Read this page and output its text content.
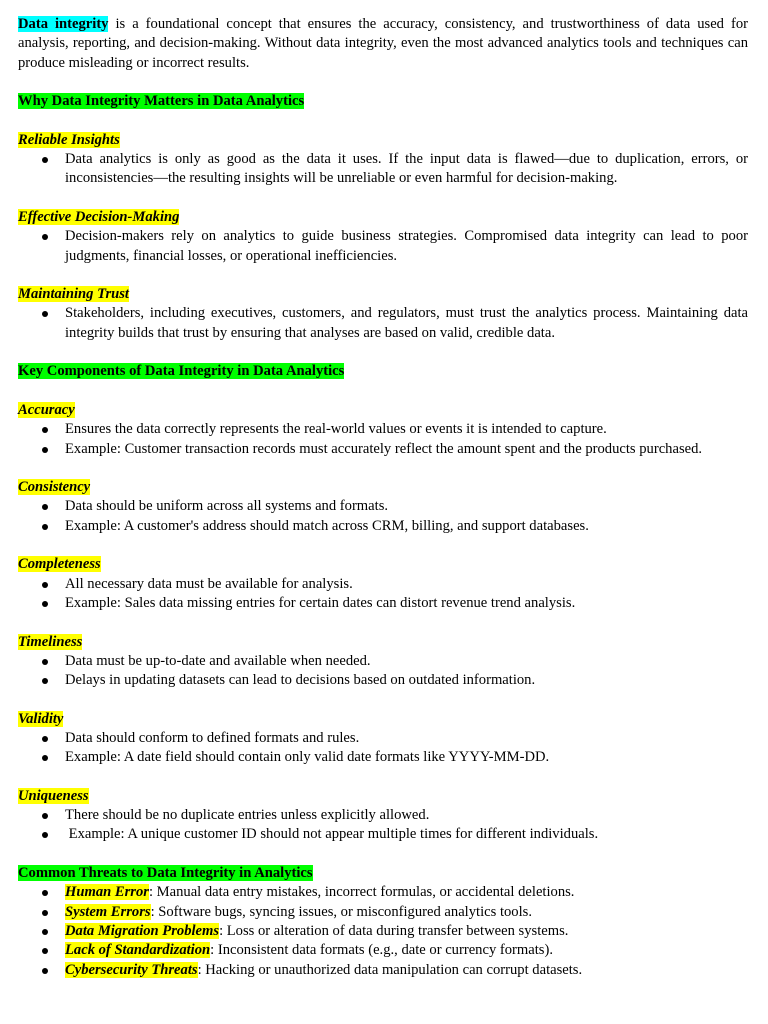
Data integrity is a foundational concept that ensures the accuracy, consistency, and trustworthiness of data used for analysis, reporting, and decision-making. Without data integrity, even the most advanced analytics tools and techniques can produce misleading or incorrect results.

Why Data Integrity Matters in Data Analytics

Reliable Insights

Data analytics is only as good as the data it uses. If the input data is flawed—due to duplication, errors, or inconsistencies—the resulting insights will be unreliable or even harmful for decision-making.

Effective Decision-Making

Decision-makers rely on analytics to guide business strategies. Compromised data integrity can lead to poor judgments, financial losses, or operational inefficiencies.

Maintaining Trust

Stakeholders, including executives, customers, and regulators, must trust the analytics process. Maintaining data integrity builds that trust by ensuring that analyses are based on valid, credible data.

Key Components of Data Integrity in Data Analytics

Accuracy

Ensures the data correctly represents the real-world values or events it is intended to capture.
Example: Customer transaction records must accurately reflect the amount spent and the products purchased.

Consistency

Data should be uniform across all systems and formats.
Example: A customer's address should match across CRM, billing, and support databases.

Completeness

All necessary data must be available for analysis.
Example: Sales data missing entries for certain dates can distort revenue trend analysis.

Timeliness

Data must be up-to-date and available when needed.
Delays in updating datasets can lead to decisions based on outdated information.

Validity

Data should conform to defined formats and rules.
Example: A date field should contain only valid date formats like YYYY-MM-DD.

Uniqueness

There should be no duplicate entries unless explicitly allowed.
Example: A unique customer ID should not appear multiple times for different individuals.

Common Threats to Data Integrity in Analytics

Human Error: Manual data entry mistakes, incorrect formulas, or accidental deletions.
System Errors: Software bugs, syncing issues, or misconfigured analytics tools.
Data Migration Problems: Loss or alteration of data during transfer between systems.
Lack of Standardization: Inconsistent data formats (e.g., date or currency formats).
Cybersecurity Threats: Hacking or unauthorized data manipulation can corrupt datasets.
